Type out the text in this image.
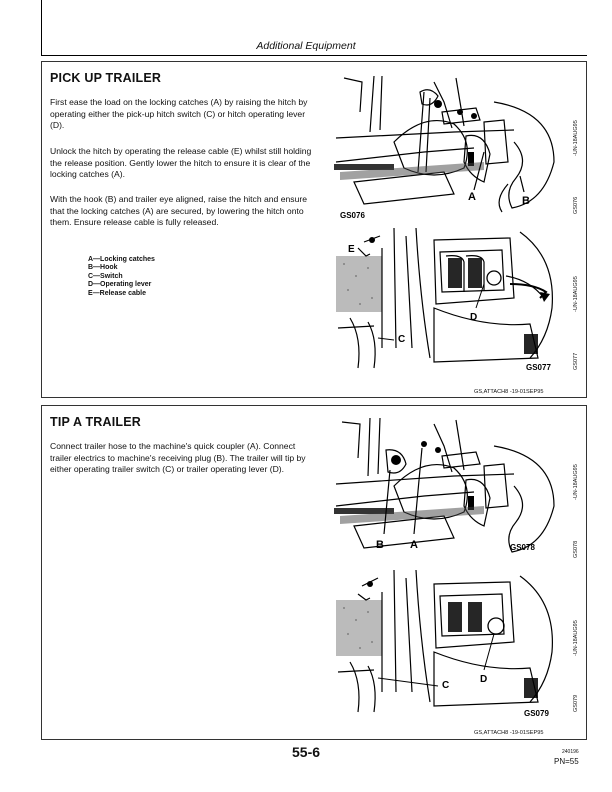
Additional Equipment
PICK UP TRAILER

First ease the load on the locking catches (A) by raising the hitch by operating either the pick-up hitch switch (C) or hitch operating lever (D).

Unlock the hitch by operating the release cable (E) whilst still holding the release position. Gently lower the hitch to ensure it is clear of the locking catches (A).

With the hook (B) and trailer eye aligned, raise the hitch and ensure that the locking catches (A) are secured, by lowering the hitch onto them. Ensure release cable is fully released.

A—Locking catches
B—Hook
C—Switch
D—Operating lever
E—Release cable
A	B
GS076
-UN-18AUG95
GS076
E
C
D
GS077
-UN-18AUG95
GS077
GS,ATTACH8 -19-01SEP95
TIP A TRAILER

Connect trailer hose to the machine's quick coupler (A). Connect trailer electrics to machine's receiving plug (B). The trailer will tip by either operating trailer switch (C) or trailer operating lever (D).

B A	GS078
-UN-18AUG95
GS078
C
D
GS079
-UN-18AUG95
GS079
GS,ATTACH8 -19-01SEP95
55-6	240196
PN=55
